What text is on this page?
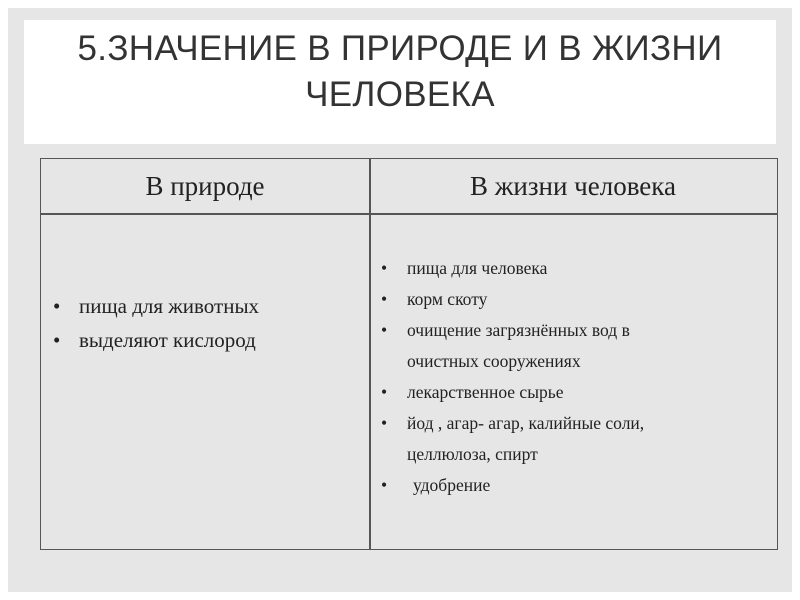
5.ЗНАЧЕНИЕ В ПРИРОДЕ И В ЖИЗНИ
ЧЕЛОВЕКА
В природе	В жизни человека
• пища для животных
• выделяют кислород
• пища для человека
• корм скоту
• очищение загрязнённых вод в
очистных сооружениях
• лекарственное сырье
• йод , агар- агар, калийные соли,
целлюлоза, спирт
• удобрение
